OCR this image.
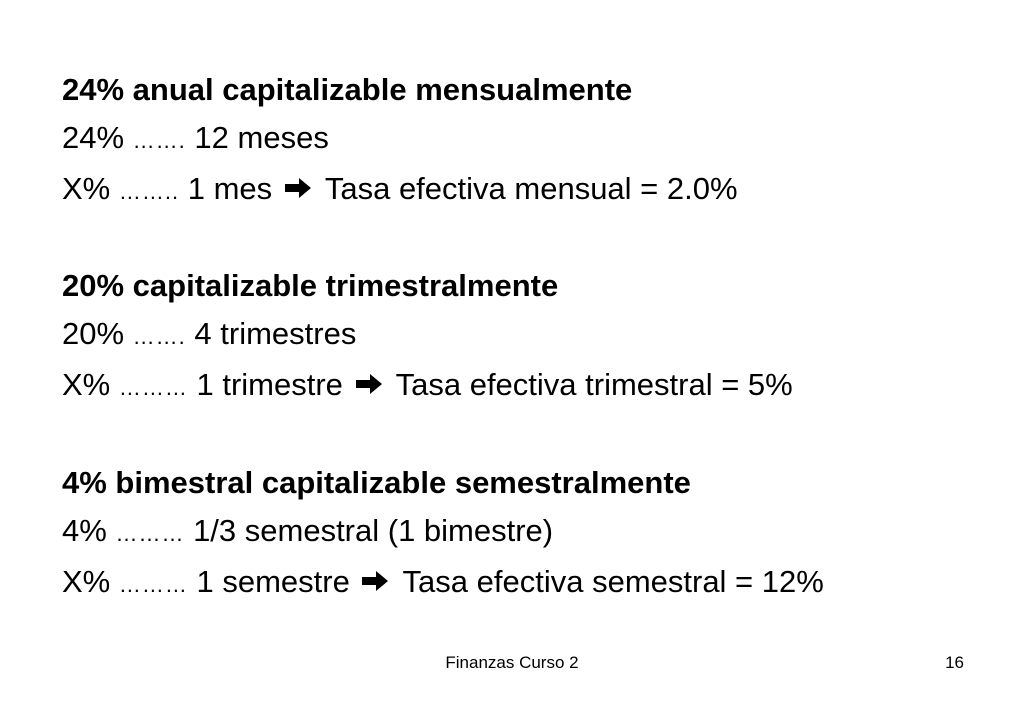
24% anual capitalizable mensualmente
24% ……. 12 meses
X% …….. 1 mes Tasa efectiva mensual = 2.0%
20% capitalizable trimestralmente
20% ……. 4 trimestres
X% ……… 1 trimestre Tasa efectiva trimestral = 5%
4% bimestral capitalizable semestralmente
4% ……… 1/3 semestral (1 bimestre)
X% ……… 1 semestre Tasa efectiva semestral = 12%
Finanzas Curso 2	16
